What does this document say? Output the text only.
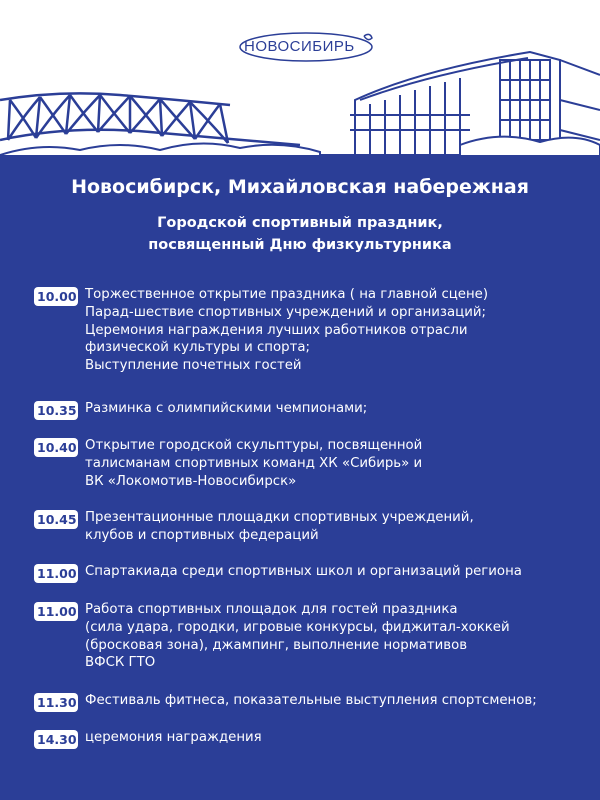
НОВОСИБИРЬ
Новосибирск, Михайловская набережная
Городской спортивный праздник,
посвященный Дню физкультурника
10.00 Торжественное открытие праздника ( на главной сцене)
Парад-шествие спортивных учреждений и организаций;
Церемония награждения лучших работников отрасли
физической культуры и спорта;
Выступление почетных гостей
10.35 Разминка с олимпийскими чемпионами;
10.40 Открытие городской скульптуры, посвященной
талисманам спортивных команд ХК «Сибирь» и
ВК «Локомотив-Новосибирск»
10.45 Презентационные площадки спортивных учреждений,
клубов и спортивных федераций
11.00 Спартакиада среди спортивных школ и организаций региона
11.00 Работа спортивных площадок для гостей праздника
(сила удара, городки, игровые конкурсы, фиджитал-хоккей
(бросковая зона), джампинг, выполнение нормативов
ВФСК ГТО
11.30 Фестиваль фитнеса, показательные выступления спортсменов;
14.30 церемония награждения
